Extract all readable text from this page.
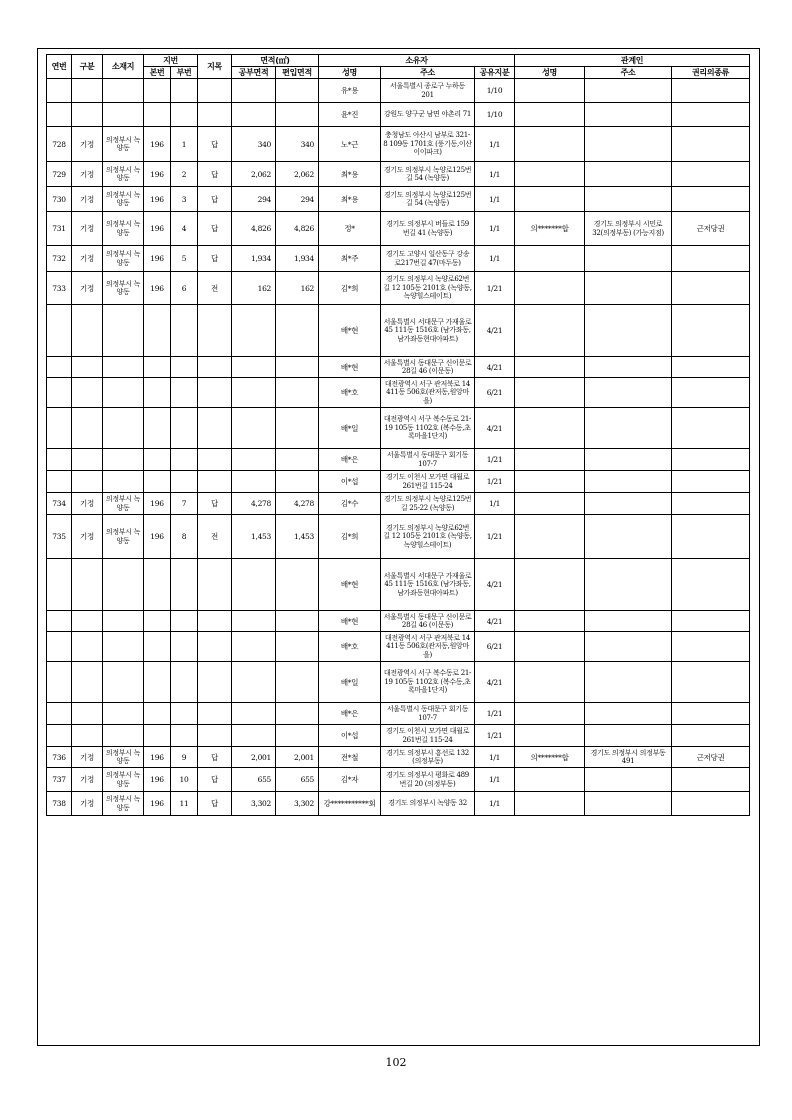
연번	구분	소재지	지번		지목	면적(㎡)		소유자			관계인		
			본번	부번		공부면적	편입면적	성명	주소	공유지분	성명	주소	권리의종류
								유*용	서울특별시 종로구 누하동 201	1/10			
								윤*진	강원도 양구군 남면 야촌리 71	1/10			
728	기정	의정부시 녹양동	196	1	답	340	340	노*근	충청남도 아산시 남부로 321-8 109동 1701호 (풍기동,이산이이파크)	1/1			
729	기정	의정부시 녹양동	196	2	답	2,062	2,062	최*용	경기도 의정부시 녹양로125번길 54 (녹양동)	1/1			
730	기정	의정부시 녹양동	196	3	답	294	294	최*용	경기도 의정부시 녹양로125번길 54 (녹양동)	1/1			
731	기정	의정부시 녹양동	196	4	답	4,826	4,826	정*	경기도 의정부시 버들로 159번길 41 (녹양동)	1/1	의*******합	경기도 의정부시 시민로 32(의정부동) (가능지점)	근저당권
732	기정	의정부시 녹양동	196	5	답	1,934	1,934	최*주	경기도 고양시 일산동구 강송로217번길 47(마두동)	1/1			
733	기정	의정부시 녹양동	196	6	전	162	162	김*희	경기도 의정부시 녹양로62번길 12 105동 2101호 (녹양동,녹양힐스테이트)	1/21			
								배*현	서울특별시 서대문구 가재울로 45 111동 1516호 (남가좌동,남가좌동현대아파트)	4/21			
								배*현	서울특별시 동대문구 신이문로28길 46 (이문동)	4/21			
								배*호	대전광역시 서구 관저북로 14 411동 506호(관저동,원앙마을)	6/21			
								배*일	대전광역시 서구 복수동로 21-19 105동 1102호 (복수동,초록마을1단지)	4/21			
								배*은	서울특별시 동대문구 회기동 107-7	1/21			
								이*섭	경기도 이천시 모가면 대월로261번길 115-24	1/21			
734	기정	의정부시 녹양동	196	7	답	4,278	4,278	김*수	경기도 의정부시 녹양로125번길 25-22 (녹양동)	1/1			
735	기정	의정부시 녹양동	196	8	전	1,453	1,453	김*희	경기도 의정부시 녹양로62번길 12 105동 2101호 (녹양동,녹양힐스테이트)	1/21			
								배*현	서울특별시 서대문구 가재울로 45 111동 1516호 (남가좌동,남가좌동현대아파트)	4/21			
								배*현	서울특별시 동대문구 신이문로28길 46 (이문동)	4/21			
								배*호	대전광역시 서구 관저북로 14 411동 506호(관저동,원앙마을)	6/21			
								배*일	대전광역시 서구 복수동로 21-19 105동 1102호 (복수동,초록마을1단지)	4/21			
								배*은	서울특별시 동대문구 회기동 107-7	1/21			
								이*섭	경기도 이천시 모가면 대월로261번길 115-24	1/21			
736	기정	의정부시 녹양동	196	9	답	2,001	2,001	전*철	경기도 의정부시 흥선로 132 (의정부동)	1/1	의*******합	경기도 의정부시 의정부동 491	근저당권
737	기정	의정부시 녹양동	196	10	답	655	655	김*자	경기도 의정부시 평화로 489번길 20 (의정부동)	1/1			
738	기정	의정부시 녹양동	196	11	답	3,302	3,302	강***********회	경기도 의정부시 녹양동 32	1/1			
102
